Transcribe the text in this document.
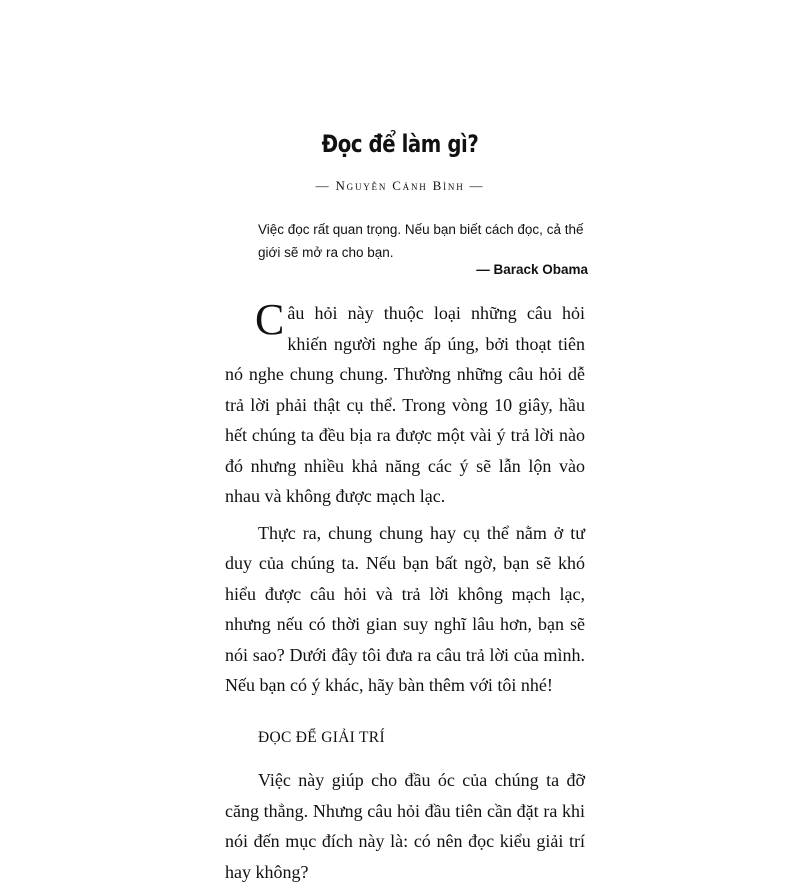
Đọc để làm gì?
— Nguyễn Cảnh Bình —
Việc đọc rất quan trọng. Nếu bạn biết cách đọc, cả thế giới sẽ mở ra cho bạn.
— Barack Obama

Câu hỏi này thuộc loại những câu hỏi khiến người nghe ấp úng, bởi thoạt tiên nó nghe chung chung. Thường những câu hỏi dễ trả lời phải thật cụ thể. Trong vòng 10 giây, hầu hết chúng ta đều bịa ra được một vài ý trả lời nào đó nhưng nhiều khả năng các ý sẽ lẫn lộn vào nhau và không được mạch lạc.

Thực ra, chung chung hay cụ thể nằm ở tư duy của chúng ta. Nếu bạn bất ngờ, bạn sẽ khó hiểu được câu hỏi và trả lời không mạch lạc, nhưng nếu có thời gian suy nghĩ lâu hơn, bạn sẽ nói sao? Dưới đây tôi đưa ra câu trả lời của mình. Nếu bạn có ý khác, hãy bàn thêm với tôi nhé!

ĐỌC ĐỂ GIẢI TRÍ

Việc này giúp cho đầu óc của chúng ta đỡ căng thẳng. Nhưng câu hỏi đầu tiên cần đặt ra khi nói đến mục đích này là: có nên đọc kiểu giải trí hay không?
